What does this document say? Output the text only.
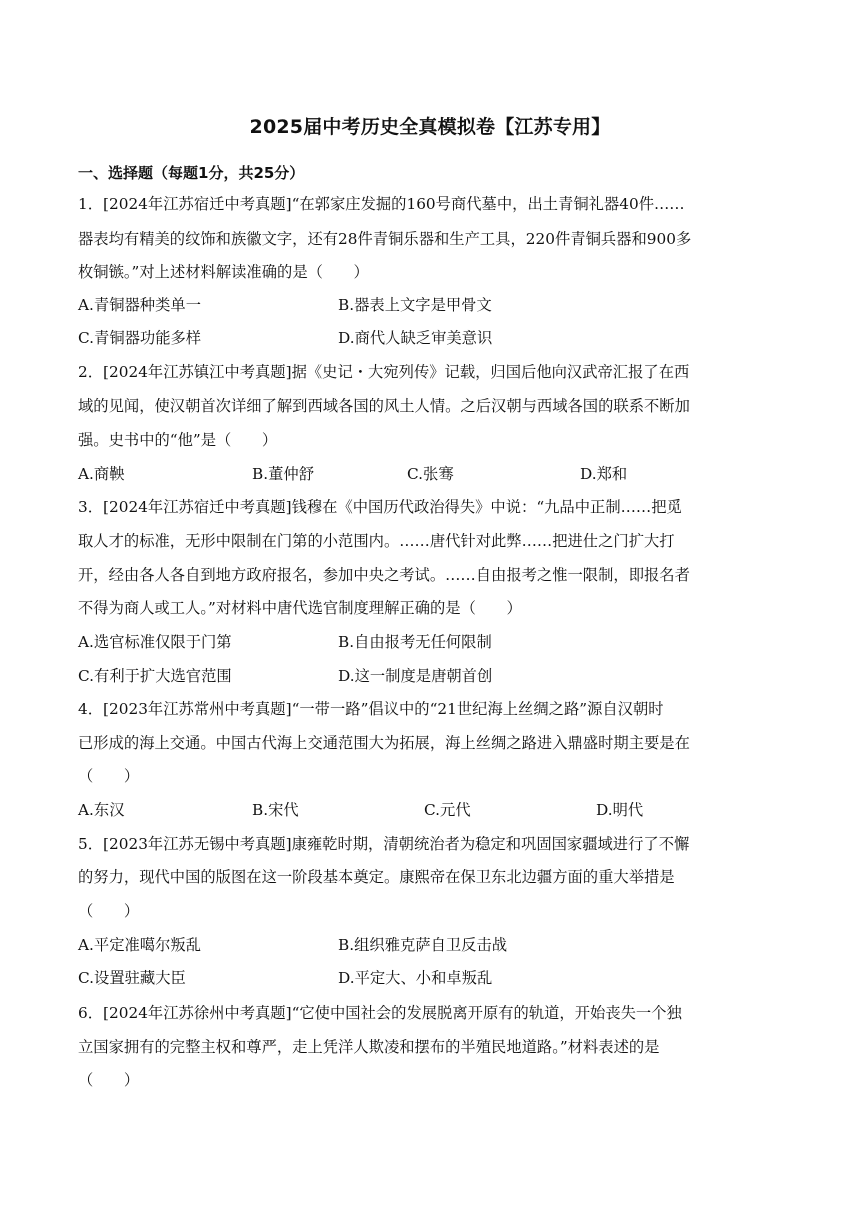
2025届中考历史全真模拟卷【江苏专用】
一、选择题（每题1分，共25分）
1．[2024年江苏宿迁中考真题]“在郭家庄发掘的160号商代墓中，出土青铜礼器40件……
器表均有精美的纹饰和族徽文字，还有28件青铜乐器和生产工具，220件青铜兵器和900多
枚铜镞。”对上述材料解读准确的是（　　）
A.青铜器种类单一	B.器表上文字是甲骨文
C.青铜器功能多样	D.商代人缺乏审美意识
2．[2024年江苏镇江中考真题]据《史记・大宛列传》记载，归国后他向汉武帝汇报了在西
域的见闻，使汉朝首次详细了解到西域各国的风土人情。之后汉朝与西域各国的联系不断加
强。史书中的“他”是（　　）
A.商鞅	B.董仲舒	C.张骞	D.郑和
3．[2024年江苏宿迁中考真题]钱穆在《中国历代政治得失》中说：“九品中正制……把觅
取人才的标准，无形中限制在门第的小范围内。……唐代针对此弊……把进仕之门扩大打
开，经由各人各自到地方政府报名，参加中央之考试。……自由报考之惟一限制，即报名者
不得为商人或工人。”对材料中唐代选官制度理解正确的是（　　）
A.选官标准仅限于门第	B.自由报考无任何限制
C.有利于扩大选官范围	D.这一制度是唐朝首创
4．[2023年江苏常州中考真题]“一带一路”倡议中的“21世纪海上丝绸之路”源自汉朝时
已形成的海上交通。中国古代海上交通范围大为拓展，海上丝绸之路进入鼎盛时期主要是在
（　　）
A.东汉	B.宋代	C.元代	D.明代
5．[2023年江苏无锡中考真题]康雍乾时期，清朝统治者为稳定和巩固国家疆域进行了不懈
的努力，现代中国的版图在这一阶段基本奠定。康熙帝在保卫东北边疆方面的重大举措是
（　　）
A.平定准噶尔叛乱	B.组织雅克萨自卫反击战
C.设置驻藏大臣	D.平定大、小和卓叛乱
6．[2024年江苏徐州中考真题]“它使中国社会的发展脱离开原有的轨道，开始丧失一个独
立国家拥有的完整主权和尊严，走上凭洋人欺凌和摆布的半殖民地道路。”材料表述的是
（　　）
